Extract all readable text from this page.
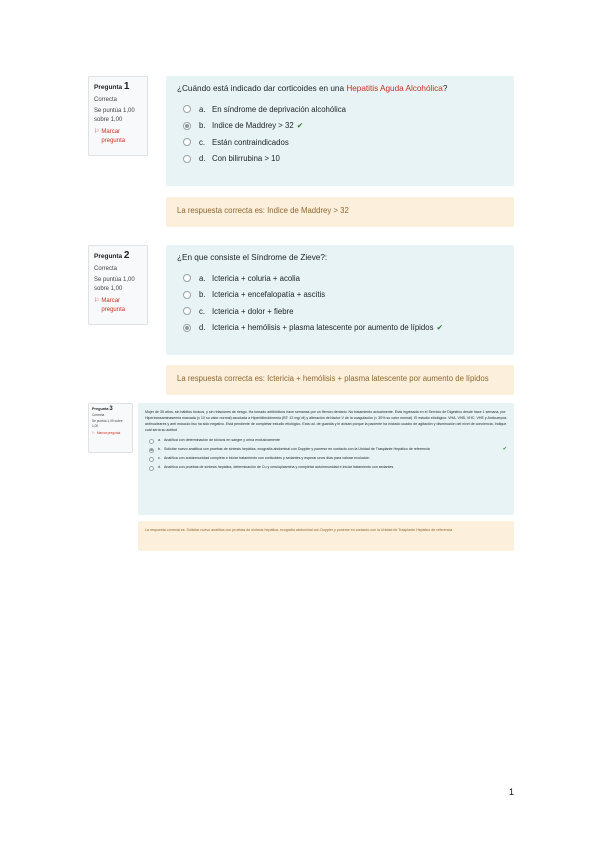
Pregunta 1
Correcta
Se puntúa 1,00 sobre 1,00
⚐ Marcar pregunta
¿Cuándo está indicado dar corticoides en una Hepatitis Aguda Alcohólica?
a. En síndrome de deprivación alcohólica
b. Indice de Maddrey > 32 ✔
c. Están contraindicados
d. Con bilirrubina > 10
La respuesta correcta es: Indice de Maddrey > 32
Pregunta 2
Correcta
Se puntúa 1,00 sobre 1,00
⚐ Marcar pregunta
¿En que consiste el Síndrome de Zieve?:
a. Ictericia + coluria + acolia
b. Ictericia + encefalopatía + ascitis
c. Ictericia + dolor + fiebre
d. Ictericia + hemólisis + plasma latescente por aumento de lípidos ✔
La respuesta correcta es: Ictericia + hemólisis + plasma latescente por aumento de lípidos
Pregunta 3
Correcta
Se puntúa 1,00 sobre 1,00
⚐ Marcar pregunta
Mujer de 35 años, sin hábitos tóxicos, y sin relaciones de riesgo. Ha tomado antibióticos hace semanas por un flemón dentario. No tratamiento actualmente. Está ingresada en el Servicio de Digestivo desde hace 1 semana, por Hipertransaminasemia marcada (x 10 su valor normal) asociada a Hiperbilirrubinemia (BT: 12 mg/ dl) y alteración del factor V de la coagulación (< 30% su valor normal). El estudio etiológico: VHA, VHB, VHC, VHE y Anticuerpos antinucleares y anti músculo liso ha sido negativo. Está pendiente de completar estudio etiológico. Esta ud. de guardia y le avisan porque la paciente ha iniciado cuadro de agitación y disminución del nivel de conciencia. Indique cuál sería su actitud
a. Analítica con determinación de tóxicos en sangre y orina exclusivamente
b. Solicitar nuevo analítica con pruebas de síntesis hepática, ecografía abdominal con Doppler y ponerse en contacto con la Unidad de Trasplante Hepático de referencia	✔
c. Analítica con autoinmunidad completa e iniciar tratamiento con corticoides y sedantes y esperar unos días para valorar evolución
d. Analítica con pruebas de síntesis hepática, determinación de Cu y ceruloplasmina y completar autoinmunidad e iniciar tratamiento con sedantes
La respuesta correcta es: Solicitar nuevo analítica con pruebas de síntesis hepática, ecografía abdominal con Doppler y ponerse en contacto con la Unidad de Trasplante Hepático de referencia
1
